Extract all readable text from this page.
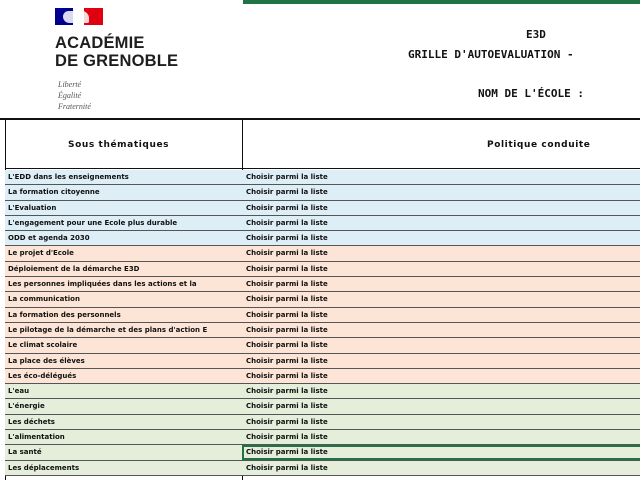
ACADÉMIE
DE GRENOBLE
Liberté
Égalité
Fraternité
E3D
GRILLE D'AUTOEVALUATION -
NOM DE L'ÉCOLE :
Sous thématiques	Politique conduite
L'EDD dans les enseignements	Choisir parmi la liste
La formation citoyenne	Choisir parmi la liste
L'Evaluation	Choisir parmi la liste
L'engagement pour une Ecole plus durable	Choisir parmi la liste
ODD et agenda 2030	Choisir parmi la liste
Le projet d'Ecole	Choisir parmi la liste
Déploiement de la démarche E3D	Choisir parmi la liste
Les personnes impliquées dans les actions et la	Choisir parmi la liste
La communication	Choisir parmi la liste
La formation des personnels	Choisir parmi la liste
Le pilotage de la démarche et des plans d'action E	Choisir parmi la liste
Le climat scolaire	Choisir parmi la liste
La place des élèves	Choisir parmi la liste
Les éco-délégués	Choisir parmi la liste
L'eau	Choisir parmi la liste
L'énergie	Choisir parmi la liste
Les déchets	Choisir parmi la liste
L'alimentation	Choisir parmi la liste
La santé	Choisir parmi la liste
Les déplacements	Choisir parmi la liste
